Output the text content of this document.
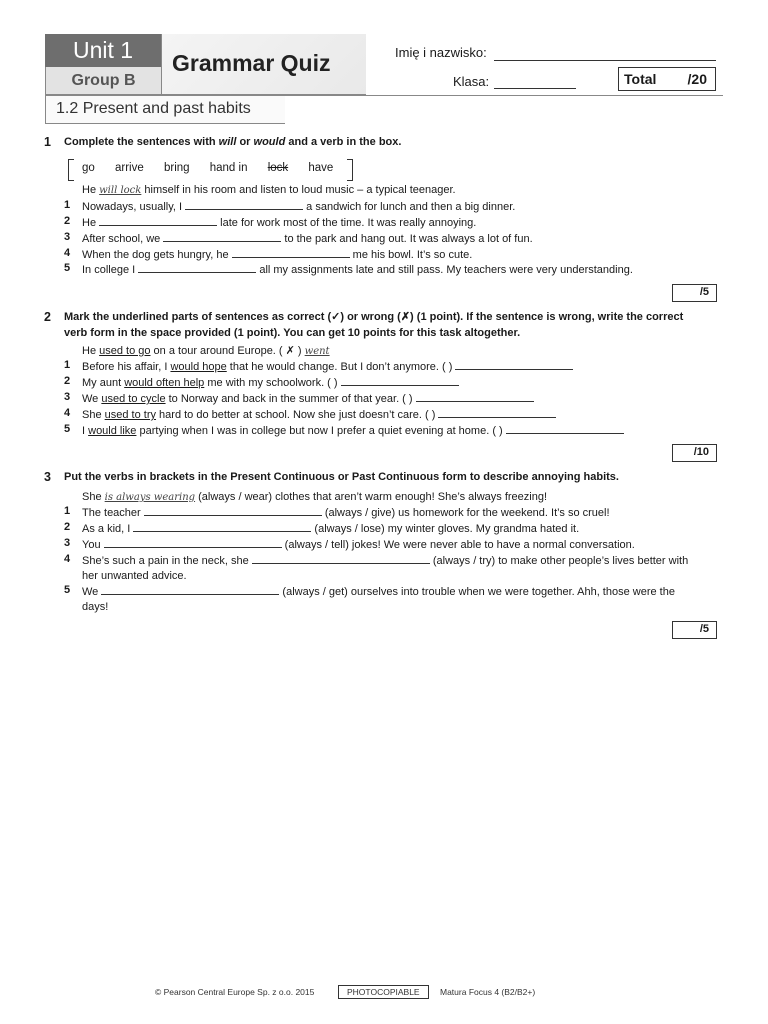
Unit 1
Group B
Grammar Quiz	Imię i nazwisko:
Klasa:	Total /20
1.2 Present and past habits
1 Complete the sentences with will or would and a verb in the box.
go arrive bring hand in lock have
He will lock himself in his room and listen to loud music – a typical teenager.
1 Nowadays, usually, I	a sandwich for lunch and then a big dinner.
2 He	late for work most of the time. It was really annoying.
3 After school, we	to the park and hang out. It was always a lot of fun.
4 When the dog gets hungry, he	me his bowl. It’s so cute.
5 In college I	all my assignments late and still pass. My teachers were very understanding.
/5
2 Mark the underlined parts of sentences as correct (✓) or wrong (✗) (1 point). If the sentence is wrong, write the correct
verb form in the space provided (1 point). You can get 10 points for this task altogether.
He used to go on a tour around Europe. ( ✗ ) went
1 Before his affair, I would hope that he would change. But I don’t anymore. ( )
2 My aunt would often help me with my schoolwork. ( )
3 We used to cycle to Norway and back in the summer of that year. ( )
4 She used to try hard to do better at school. Now she just doesn’t care. ( )
5 I would like partying when I was in college but now I prefer a quiet evening at home. ( )
/10
3 Put the verbs in brackets in the Present Continuous or Past Continuous form to describe annoying habits.
She is always wearing (always / wear) clothes that aren’t warm enough! She’s always freezing!
1 The teacher	(always / give) us homework for the weekend. It’s so cruel!
2 As a kid, I	(always / lose) my winter gloves. My grandma hated it.
3 You	(always / tell) jokes! We were never able to have a normal conversation.
4 She’s such a pain in the neck, she	(always / try) to make other people’s lives better with
her unwanted advice.
5 We	(always / get) ourselves into trouble when we were together. Ahh, those were the
days!
/5
© Pearson Central Europe Sp. z o.o. 2015	PHOTOCOPIABLE	Matura Focus 4 (B2/B2+)
